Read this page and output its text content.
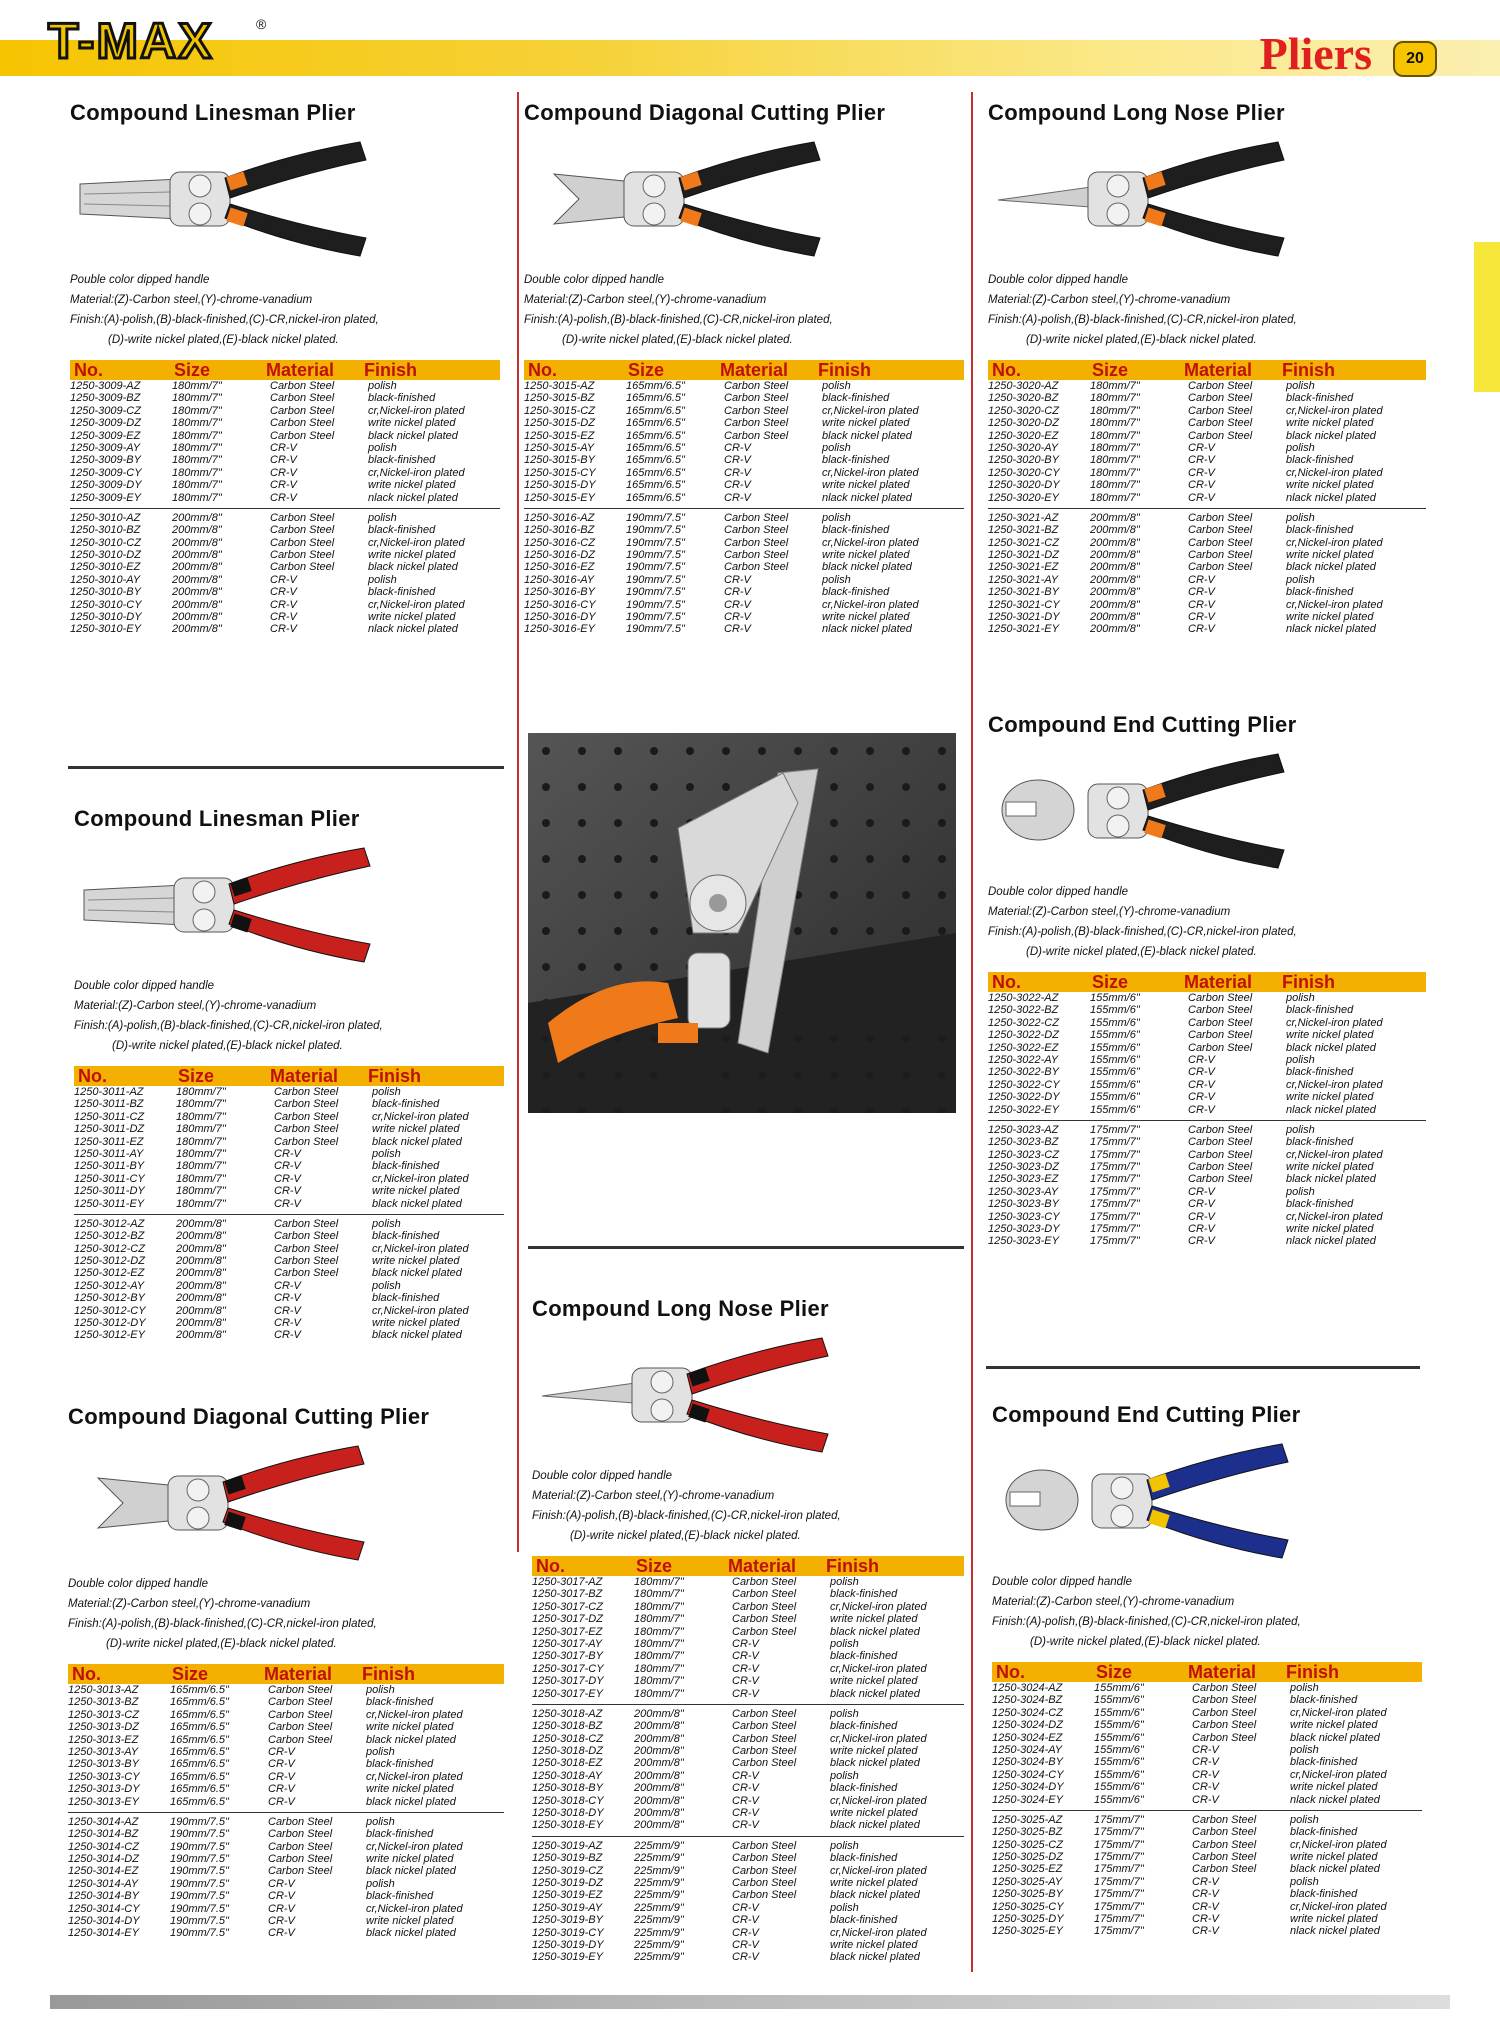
T-MAX	®
Pliers	20
Compound Linesman Plier
Pouble color dipped handle
Material:(Z)-Carbon steel,(Y)-chrome-vanadium
Finish:(A)-polish,(B)-black-finished,(C)-CR,nickel-iron plated,
(D)-write nickel plated,(E)-black nickel plated.
No.	Size	Material Finish
1250-3009-AZ	180mm/7"	Carbon Steel	polish
1250-3009-BZ	180mm/7"	Carbon Steel	black-finished
1250-3009-CZ	180mm/7"	Carbon Steel	cr,Nickel-iron plated
1250-3009-DZ	180mm/7"	Carbon Steel	write nickel plated
1250-3009-EZ	180mm/7"	Carbon Steel	black nickel plated
1250-3009-AY	180mm/7"	CR-V	polish
1250-3009-BY	180mm/7"	CR-V	black-finished
1250-3009-CY	180mm/7"	CR-V	cr,Nickel-iron plated
1250-3009-DY	180mm/7"	CR-V	write nickel plated
1250-3009-EY	180mm/7"	CR-V	nlack nickel plated
1250-3010-AZ	200mm/8"	Carbon Steel	polish
1250-3010-BZ	200mm/8"	Carbon Steel	black-finished
1250-3010-CZ	200mm/8"	Carbon Steel	cr,Nickel-iron plated
1250-3010-DZ	200mm/8"	Carbon Steel	write nickel plated
1250-3010-EZ	200mm/8"	Carbon Steel	black nickel plated
1250-3010-AY	200mm/8"	CR-V	polish
1250-3010-BY	200mm/8"	CR-V	black-finished
1250-3010-CY	200mm/8"	CR-V	cr,Nickel-iron plated
1250-3010-DY	200mm/8"	CR-V	write nickel plated
1250-3010-EY	200mm/8"	CR-V	nlack nickel plated
Compound Diagonal Cutting Plier
Double color dipped handle
Material:(Z)-Carbon steel,(Y)-chrome-vanadium
Finish:(A)-polish,(B)-black-finished,(C)-CR,nickel-iron plated,
(D)-write nickel plated,(E)-black nickel plated.
No.	Size	Material Finish
1250-3015-AZ	165mm/6.5"	Carbon Steel	polish
1250-3015-BZ	165mm/6.5"	Carbon Steel	black-finished
1250-3015-CZ	165mm/6.5"	Carbon Steel	cr,Nickel-iron plated
1250-3015-DZ	165mm/6.5"	Carbon Steel	write nickel plated
1250-3015-EZ	165mm/6.5"	Carbon Steel	black nickel plated
1250-3015-AY	165mm/6.5"	CR-V	polish
1250-3015-BY	165mm/6.5"	CR-V	black-finished
1250-3015-CY	165mm/6.5"	CR-V	cr,Nickel-iron plated
1250-3015-DY	165mm/6.5"	CR-V	write nickel plated
1250-3015-EY	165mm/6.5"	CR-V	nlack nickel plated
1250-3016-AZ	190mm/7.5"	Carbon Steel	polish
1250-3016-BZ	190mm/7.5"	Carbon Steel	black-finished
1250-3016-CZ	190mm/7.5"	Carbon Steel	cr,Nickel-iron plated
1250-3016-DZ	190mm/7.5"	Carbon Steel	write nickel plated
1250-3016-EZ	190mm/7.5"	Carbon Steel	black nickel plated
1250-3016-AY	190mm/7.5"	CR-V	polish
1250-3016-BY	190mm/7.5"	CR-V	black-finished
1250-3016-CY	190mm/7.5"	CR-V	cr,Nickel-iron plated
1250-3016-DY	190mm/7.5"	CR-V	write nickel plated
1250-3016-EY	190mm/7.5"	CR-V	nlack nickel plated
Compound Long Nose Plier
Double color dipped handle
Material:(Z)-Carbon steel,(Y)-chrome-vanadium
Finish:(A)-polish,(B)-black-finished,(C)-CR,nickel-iron plated,
(D)-write nickel plated,(E)-black nickel plated.
No.	Size	Material Finish
1250-3020-AZ	180mm/7"	Carbon Steel	polish
1250-3020-BZ	180mm/7"	Carbon Steel	black-finished
1250-3020-CZ	180mm/7"	Carbon Steel	cr,Nickel-iron plated
1250-3020-DZ	180mm/7"	Carbon Steel	write nickel plated
1250-3020-EZ	180mm/7"	Carbon Steel	black nickel plated
1250-3020-AY	180mm/7"	CR-V	polish
1250-3020-BY	180mm/7"	CR-V	black-finished
1250-3020-CY	180mm/7"	CR-V	cr,Nickel-iron plated
1250-3020-DY	180mm/7"	CR-V	write nickel plated
1250-3020-EY	180mm/7"	CR-V	nlack nickel plated
1250-3021-AZ	200mm/8"	Carbon Steel	polish
1250-3021-BZ	200mm/8"	Carbon Steel	black-finished
1250-3021-CZ	200mm/8"	Carbon Steel	cr,Nickel-iron plated
1250-3021-DZ	200mm/8"	Carbon Steel	write nickel plated
1250-3021-EZ	200mm/8"	Carbon Steel	black nickel plated
1250-3021-AY	200mm/8"	CR-V	polish
1250-3021-BY	200mm/8"	CR-V	black-finished
1250-3021-CY	200mm/8"	CR-V	cr,Nickel-iron plated
1250-3021-DY	200mm/8"	CR-V	write nickel plated
1250-3021-EY	200mm/8"	CR-V	nlack nickel plated
Compound Linesman Plier
Double color dipped handle
Material:(Z)-Carbon steel,(Y)-chrome-vanadium
Finish:(A)-polish,(B)-black-finished,(C)-CR,nickel-iron plated,
(D)-write nickel plated,(E)-black nickel plated.
No.	Size	Material Finish
1250-3011-AZ	180mm/7"	Carbon Steel	polish
1250-3011-BZ	180mm/7"	Carbon Steel	black-finished
1250-3011-CZ	180mm/7"	Carbon Steel	cr,Nickel-iron plated
1250-3011-DZ	180mm/7"	Carbon Steel	write nickel plated
1250-3011-EZ	180mm/7"	Carbon Steel	black nickel plated
1250-3011-AY	180mm/7"	CR-V	polish
1250-3011-BY	180mm/7"	CR-V	black-finished
1250-3011-CY	180mm/7"	CR-V	cr,Nickel-iron plated
1250-3011-DY	180mm/7"	CR-V	write nickel plated
1250-3011-EY	180mm/7"	CR-V	black nickel plated
1250-3012-AZ	200mm/8"	Carbon Steel	polish
1250-3012-BZ	200mm/8"	Carbon Steel	black-finished
1250-3012-CZ	200mm/8"	Carbon Steel	cr,Nickel-iron plated
1250-3012-DZ	200mm/8"	Carbon Steel	write nickel plated
1250-3012-EZ	200mm/8"	Carbon Steel	black nickel plated
1250-3012-AY	200mm/8"	CR-V	polish
1250-3012-BY	200mm/8"	CR-V	black-finished
1250-3012-CY	200mm/8"	CR-V	cr,Nickel-iron plated
1250-3012-DY	200mm/8"	CR-V	write nickel plated
1250-3012-EY	200mm/8"	CR-V	black nickel plated
Compound Diagonal Cutting Plier
Double color dipped handle
Material:(Z)-Carbon steel,(Y)-chrome-vanadium
Finish:(A)-polish,(B)-black-finished,(C)-CR,nickel-iron plated,
(D)-write nickel plated,(E)-black nickel plated.
No.	Size	Material Finish
1250-3013-AZ	165mm/6.5"	Carbon Steel	polish
1250-3013-BZ	165mm/6.5"	Carbon Steel	black-finished
1250-3013-CZ	165mm/6.5"	Carbon Steel	cr,Nickel-iron plated
1250-3013-DZ	165mm/6.5"	Carbon Steel	write nickel plated
1250-3013-EZ	165mm/6.5"	Carbon Steel	black nickel plated
1250-3013-AY	165mm/6.5"	CR-V	polish
1250-3013-BY	165mm/6.5"	CR-V	black-finished
1250-3013-CY	165mm/6.5"	CR-V	cr,Nickel-iron plated
1250-3013-DY	165mm/6.5"	CR-V	write nickel plated
1250-3013-EY	165mm/6.5"	CR-V	black nickel plated
1250-3014-AZ	190mm/7.5"	Carbon Steel	polish
1250-3014-BZ	190mm/7.5"	Carbon Steel	black-finished
1250-3014-CZ	190mm/7.5"	Carbon Steel	cr,Nickel-iron plated
1250-3014-DZ	190mm/7.5"	Carbon Steel	write nickel plated
1250-3014-EZ	190mm/7.5"	Carbon Steel	black nickel plated
1250-3014-AY	190mm/7.5"	CR-V	polish
1250-3014-BY	190mm/7.5"	CR-V	black-finished
1250-3014-CY	190mm/7.5"	CR-V	cr,Nickel-iron plated
1250-3014-DY	190mm/7.5"	CR-V	write nickel plated
1250-3014-EY	190mm/7.5"	CR-V	black nickel plated
Compound Long Nose Plier
Double color dipped handle
Material:(Z)-Carbon steel,(Y)-chrome-vanadium
Finish:(A)-polish,(B)-black-finished,(C)-CR,nickel-iron plated,
(D)-write nickel plated,(E)-black nickel plated.
No.	Size	Material Finish
1250-3017-AZ	180mm/7"	Carbon Steel	polish
1250-3017-BZ	180mm/7"	Carbon Steel	black-finished
1250-3017-CZ	180mm/7"	Carbon Steel	cr,Nickel-iron plated
1250-3017-DZ	180mm/7"	Carbon Steel	write nickel plated
1250-3017-EZ	180mm/7"	Carbon Steel	black nickel plated
1250-3017-AY	180mm/7"	CR-V	polish
1250-3017-BY	180mm/7"	CR-V	black-finished
1250-3017-CY	180mm/7"	CR-V	cr,Nickel-iron plated
1250-3017-DY	180mm/7"	CR-V	write nickel plated
1250-3017-EY	180mm/7"	CR-V	black nickel plated
1250-3018-AZ	200mm/8"	Carbon Steel	polish
1250-3018-BZ	200mm/8"	Carbon Steel	black-finished
1250-3018-CZ	200mm/8"	Carbon Steel	cr,Nickel-iron plated
1250-3018-DZ	200mm/8"	Carbon Steel	write nickel plated
1250-3018-EZ	200mm/8"	Carbon Steel	black nickel plated
1250-3018-AY	200mm/8"	CR-V	polish
1250-3018-BY	200mm/8"	CR-V	black-finished
1250-3018-CY	200mm/8"	CR-V	cr,Nickel-iron plated
1250-3018-DY	200mm/8"	CR-V	write nickel plated
1250-3018-EY	200mm/8"	CR-V	black nickel plated
1250-3019-AZ	225mm/9"	Carbon Steel	polish
1250-3019-BZ	225mm/9"	Carbon Steel	black-finished
1250-3019-CZ	225mm/9"	Carbon Steel	cr,Nickel-iron plated
1250-3019-DZ	225mm/9"	Carbon Steel	write nickel plated
1250-3019-EZ	225mm/9"	Carbon Steel	black nickel plated
1250-3019-AY	225mm/9"	CR-V	polish
1250-3019-BY	225mm/9"	CR-V	black-finished
1250-3019-CY	225mm/9"	CR-V	cr,Nickel-iron plated
1250-3019-DY	225mm/9"	CR-V	write nickel plated
1250-3019-EY	225mm/9"	CR-V	black nickel plated
Compound End Cutting Plier
Double color dipped handle
Material:(Z)-Carbon steel,(Y)-chrome-vanadium
Finish:(A)-polish,(B)-black-finished,(C)-CR,nickel-iron plated,
(D)-write nickel plated,(E)-black nickel plated.
No.	Size	Material Finish
1250-3022-AZ	155mm/6"	Carbon Steel	polish
1250-3022-BZ	155mm/6"	Carbon Steel	black-finished
1250-3022-CZ	155mm/6"	Carbon Steel	cr,Nickel-iron plated
1250-3022-DZ	155mm/6"	Carbon Steel	write nickel plated
1250-3022-EZ	155mm/6"	Carbon Steel	black nickel plated
1250-3022-AY	155mm/6"	CR-V	polish
1250-3022-BY	155mm/6"	CR-V	black-finished
1250-3022-CY	155mm/6"	CR-V	cr,Nickel-iron plated
1250-3022-DY	155mm/6"	CR-V	write nickel plated
1250-3022-EY	155mm/6"	CR-V	nlack nickel plated
1250-3023-AZ	175mm/7"	Carbon Steel	polish
1250-3023-BZ	175mm/7"	Carbon Steel	black-finished
1250-3023-CZ	175mm/7"	Carbon Steel	cr,Nickel-iron plated
1250-3023-DZ	175mm/7"	Carbon Steel	write nickel plated
1250-3023-EZ	175mm/7"	Carbon Steel	black nickel plated
1250-3023-AY	175mm/7"	CR-V	polish
1250-3023-BY	175mm/7"	CR-V	black-finished
1250-3023-CY	175mm/7"	CR-V	cr,Nickel-iron plated
1250-3023-DY	175mm/7"	CR-V	write nickel plated
1250-3023-EY	175mm/7"	CR-V	nlack nickel plated
Compound End Cutting Plier
Double color dipped handle
Material:(Z)-Carbon steel,(Y)-chrome-vanadium
Finish:(A)-polish,(B)-black-finished,(C)-CR,nickel-iron plated,
(D)-write nickel plated,(E)-black nickel plated.
No.	Size	Material Finish
1250-3024-AZ	155mm/6"	Carbon Steel	polish
1250-3024-BZ	155mm/6"	Carbon Steel	black-finished
1250-3024-CZ	155mm/6"	Carbon Steel	cr,Nickel-iron plated
1250-3024-DZ	155mm/6"	Carbon Steel	write nickel plated
1250-3024-EZ	155mm/6"	Carbon Steel	black nickel plated
1250-3024-AY	155mm/6"	CR-V	polish
1250-3024-BY	155mm/6"	CR-V	black-finished
1250-3024-CY	155mm/6"	CR-V	cr,Nickel-iron plated
1250-3024-DY	155mm/6"	CR-V	write nickel plated
1250-3024-EY	155mm/6"	CR-V	nlack nickel plated
1250-3025-AZ	175mm/7"	Carbon Steel	polish
1250-3025-BZ	175mm/7"	Carbon Steel	black-finished
1250-3025-CZ	175mm/7"	Carbon Steel	cr,Nickel-iron plated
1250-3025-DZ	175mm/7"	Carbon Steel	write nickel plated
1250-3025-EZ	175mm/7"	Carbon Steel	black nickel plated
1250-3025-AY	175mm/7"	CR-V	polish
1250-3025-BY	175mm/7"	CR-V	black-finished
1250-3025-CY	175mm/7"	CR-V	cr,Nickel-iron plated
1250-3025-DY	175mm/7"	CR-V	write nickel plated
1250-3025-EY	175mm/7"	CR-V	nlack nickel plated
